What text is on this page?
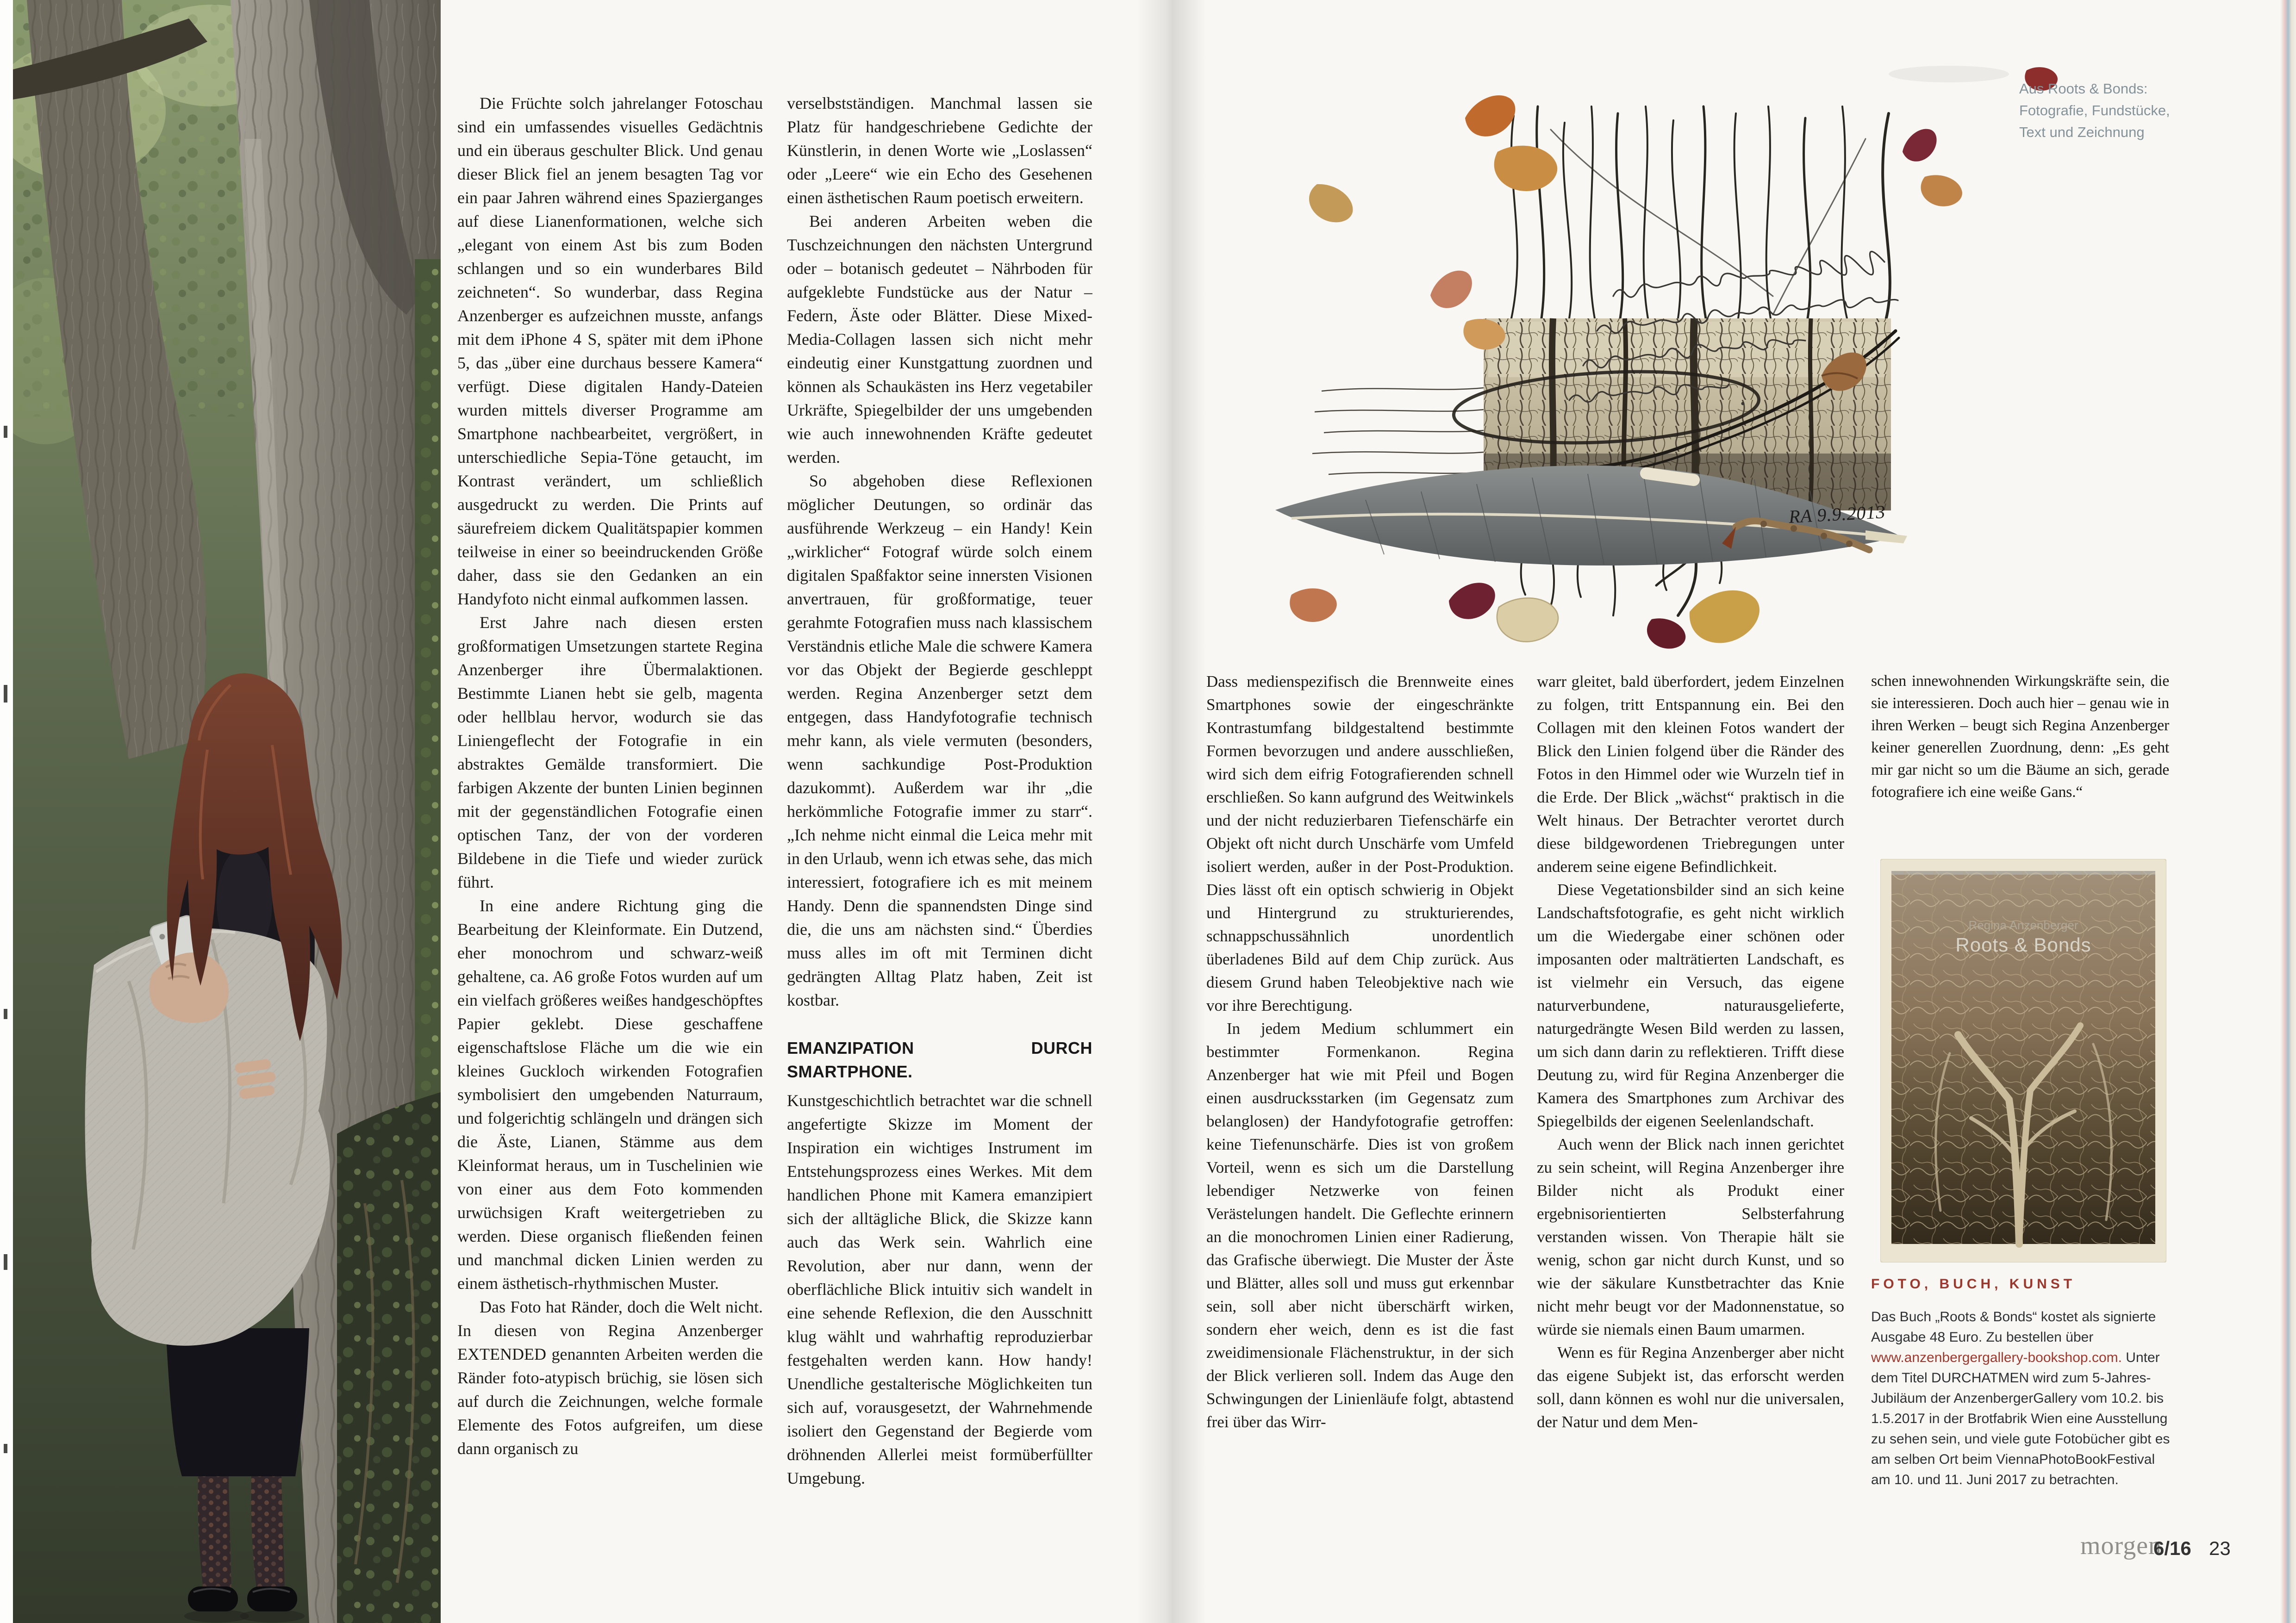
Die Früchte solch jahrelanger Fotoschau sind ein umfassendes visuelles Gedächtnis und ein überaus geschulter Blick. Und genau dieser Blick fiel an jenem besagten Tag vor ein paar Jahren während eines Spazierganges auf diese Lianenformationen, welche sich „elegant von einem Ast bis zum Boden schlangen und so ein wunderbares Bild zeichneten“. So wunderbar, dass Regina Anzenberger es aufzeichnen musste, anfangs mit dem iPhone 4 S, später mit dem iPhone 5, das „über eine durchaus bessere Kamera“ verfügt. Diese digitalen Handy-Dateien wurden mittels diverser Programme am Smartphone nachbearbeitet, vergrößert, in unterschiedliche Sepia-Töne getaucht, im Kontrast verändert, um schließlich ausgedruckt zu werden. Die Prints auf säurefreiem dickem Qualitätspapier kommen teilweise in einer so beeindruckenden Größe daher, dass sie den Gedanken an ein Handyfoto nicht einmal aufkommen lassen.

Erst Jahre nach diesen ersten großformatigen Umsetzungen startete Regina Anzenberger ihre Übermalaktionen. Bestimmte Lianen hebt sie gelb, magenta oder hellblau hervor, wodurch sie das Liniengeflecht der Fotografie in ein abstraktes Gemälde transformiert. Die farbigen Akzente der bunten Linien beginnen mit der gegenständlichen Fotografie einen optischen Tanz, der von der vorderen Bildebene in die Tiefe und wieder zurück führt.

In eine andere Richtung ging die Bearbeitung der Kleinformate. Ein Dutzend, eher monochrom und schwarz-weiß gehaltene, ca. A6 große Fotos wurden auf um ein vielfach größeres weißes handgeschöpftes Papier geklebt. Diese geschaffene eigenschaftslose Fläche um die wie ein kleines Guckloch wirkenden Fotografien symbolisiert den umgebenden Naturraum, und folgerichtig schlängeln und drängen sich die Äste, Lianen, Stämme aus dem Kleinformat heraus, um in Tuschelinien wie von einer aus dem Foto kommenden urwüchsigen Kraft weitergetrieben zu werden. Diese organisch fließenden feinen und manchmal dicken Linien werden zu einem ästhetisch-rhythmischen Muster.

Das Foto hat Ränder, doch die Welt nicht. In diesen von Regina Anzenberger EXTENDED genannten Arbeiten werden die Ränder foto-atypisch brüchig, sie lösen sich auf durch die Zeichnungen, welche formale Elemente des Fotos aufgreifen, um diese dann organisch zu

verselbstständigen. Manchmal lassen sie Platz für handgeschriebene Gedichte der Künstlerin, in denen Worte wie „Loslassen“ oder „Leere“ wie ein Echo des Gesehenen einen ästhetischen Raum poetisch erweitern.

Bei anderen Arbeiten weben die Tuschzeichnungen den nächsten Untergrund oder – botanisch gedeutet – Nährboden für aufgeklebte Fundstücke aus der Natur – Federn, Äste oder Blätter. Diese Mixed-Media-Collagen lassen sich nicht mehr eindeutig einer Kunstgattung zuordnen und können als Schaukästen ins Herz vegetabiler Urkräfte, Spiegelbilder der uns umgebenden wie auch innewohnenden Kräfte gedeutet werden.

So abgehoben diese Reflexionen möglicher Deutungen, so ordinär das ausführende Werkzeug – ein Handy! Kein „wirklicher“ Fotograf würde solch einem digitalen Spaßfaktor seine innersten Visionen anvertrauen, für großformatige, teuer gerahmte Fotografien muss nach klassischem Verständnis etliche Male die schwere Kamera vor das Objekt der Begierde geschleppt werden. Regina Anzenberger setzt dem entgegen, dass Handyfotografie technisch mehr kann, als viele vermuten (besonders, wenn sachkundige Post-Produktion dazukommt). Außerdem war ihr „die herkömmliche Fotografie immer zu starr“. „Ich nehme nicht einmal die Leica mehr mit in den Urlaub, wenn ich etwas sehe, das mich interessiert, fotografiere ich es mit meinem Handy. Denn die spannendsten Dinge sind die, die uns am nächsten sind.“ Überdies muss alles im oft mit Terminen dicht gedrängten Alltag Platz haben, Zeit ist kostbar.

EMANZIPATION DURCH SMARTPHONE.

Kunstgeschichtlich betrachtet war die schnell angefertigte Skizze im Moment der Inspiration ein wichtiges Instrument im Entstehungsprozess eines Werkes. Mit dem handlichen Phone mit Kamera emanzipiert sich der alltägliche Blick, die Skizze kann auch das Werk sein. Wahrlich eine Revolution, aber nur dann, wenn der oberflächliche Blick intuitiv sich wandelt in eine sehende Reflexion, die den Ausschnitt klug wählt und wahrhaftig reproduzierbar festgehalten werden kann. How handy! Unendliche gestalterische Möglichkeiten tun sich auf, vorausgesetzt, der Wahrnehmende isoliert den Gegenstand der Begierde vom dröhnenden Allerlei meist formüberfüllter Umgebung.

RA 9.9.2013
Aus Roots & Bonds: Fotografie, Fundstücke, Text und Zeichnung

Dass medienspezifisch die Brennweite eines Smartphones sowie der eingeschränkte Kontrastumfang bildgestaltend bestimmte Formen bevorzugen und andere ausschließen, wird sich dem eifrig Fotografierenden schnell erschließen. So kann aufgrund des Weitwinkels und der nicht reduzierbaren Tiefenschärfe ein Objekt oft nicht durch Unschärfe vom Umfeld isoliert werden, außer in der Post-Produktion. Dies lässt oft ein optisch schwierig in Objekt und Hintergrund zu strukturierendes, schnappschussähnlich unordentlich überladenes Bild auf dem Chip zurück. Aus diesem Grund haben Teleobjektive nach wie vor ihre Berechtigung.

In jedem Medium schlummert ein bestimmter Formenkanon. Regina Anzenberger hat wie mit Pfeil und Bogen einen ausdrucksstarken (im Gegensatz zum belanglosen) der Handyfotografie getroffen: keine Tiefenunschärfe. Dies ist von großem Vorteil, wenn es sich um die Darstellung lebendiger Netzwerke von feinen Verästelungen handelt. Die Geflechte erinnern an die monochromen Linien einer Radierung, das Grafische überwiegt. Die Muster der Äste und Blätter, alles soll und muss gut erkennbar sein, soll aber nicht überschärft wirken, sondern eher weich, denn es ist die fast zweidimensionale Flächenstruktur, in der sich der Blick verlieren soll. Indem das Auge den Schwingungen der Linienläufe folgt, abtastend frei über das Wirr-

warr gleitet, bald überfordert, jedem Einzelnen zu folgen, tritt Entspannung ein. Bei den Collagen mit den kleinen Fotos wandert der Blick den Linien folgend über die Ränder des Fotos in den Himmel oder wie Wurzeln tief in die Erde. Der Blick „wächst“ praktisch in die Welt hinaus. Der Betrachter verortet durch diese bildgewordenen Triebregungen unter anderem seine eigene Befindlichkeit.

Diese Vegetationsbilder sind an sich keine Landschaftsfotografie, es geht nicht wirklich um die Wiedergabe einer schönen oder imposanten oder malträtierten Landschaft, es ist vielmehr ein Versuch, das eigene naturverbundene, naturausgelieferte, naturgedrängte Wesen Bild werden zu lassen, um sich dann darin zu reflektieren. Trifft diese Deutung zu, wird für Regina Anzenberger die Kamera des Smartphones zum Archivar des Spiegelbilds der eigenen Seelenlandschaft.

Auch wenn der Blick nach innen gerichtet zu sein scheint, will Regina Anzenberger ihre Bilder nicht als Produkt einer ergebnisorientierten Selbsterfahrung verstanden wissen. Von Therapie hält sie wenig, schon gar nicht durch Kunst, und so wie der säkulare Kunstbetrachter das Knie nicht mehr beugt vor der Madonnenstatue, so würde sie niemals einen Baum umarmen.

Wenn es für Regina Anzenberger aber nicht das eigene Subjekt ist, das erforscht werden soll, dann können es wohl nur die universalen, der Natur und dem Men-

schen innewohnenden Wirkungskräfte sein, die sie interessieren. Doch auch hier – genau wie in ihren Werken – beugt sich Regina Anzenberger keiner generellen Zuordnung, denn: „Es geht mir gar nicht so um die Bäume an sich, gerade fotografiere ich eine weiße Gans.“

Regina Anzenberger
Roots & Bonds
FOTO, BUCH, KUNST
Das Buch „Roots & Bonds“ kostet als signierte Ausgabe 48 Euro. Zu bestellen über www.anzenbergergallery-bookshop.com. Unter dem Titel DURCHATMEN wird zum 5-Jahres-Jubiläum der AnzenbergerGallery vom 10.2. bis 1.5.2017 in der Brotfabrik Wien eine Ausstellung zu sehen sein, und viele gute Fotobücher gibt es am selben Ort beim ViennaPhotoBookFestival am 10. und 11. Juni 2017 zu betrachten.
morgen
6/16 23
